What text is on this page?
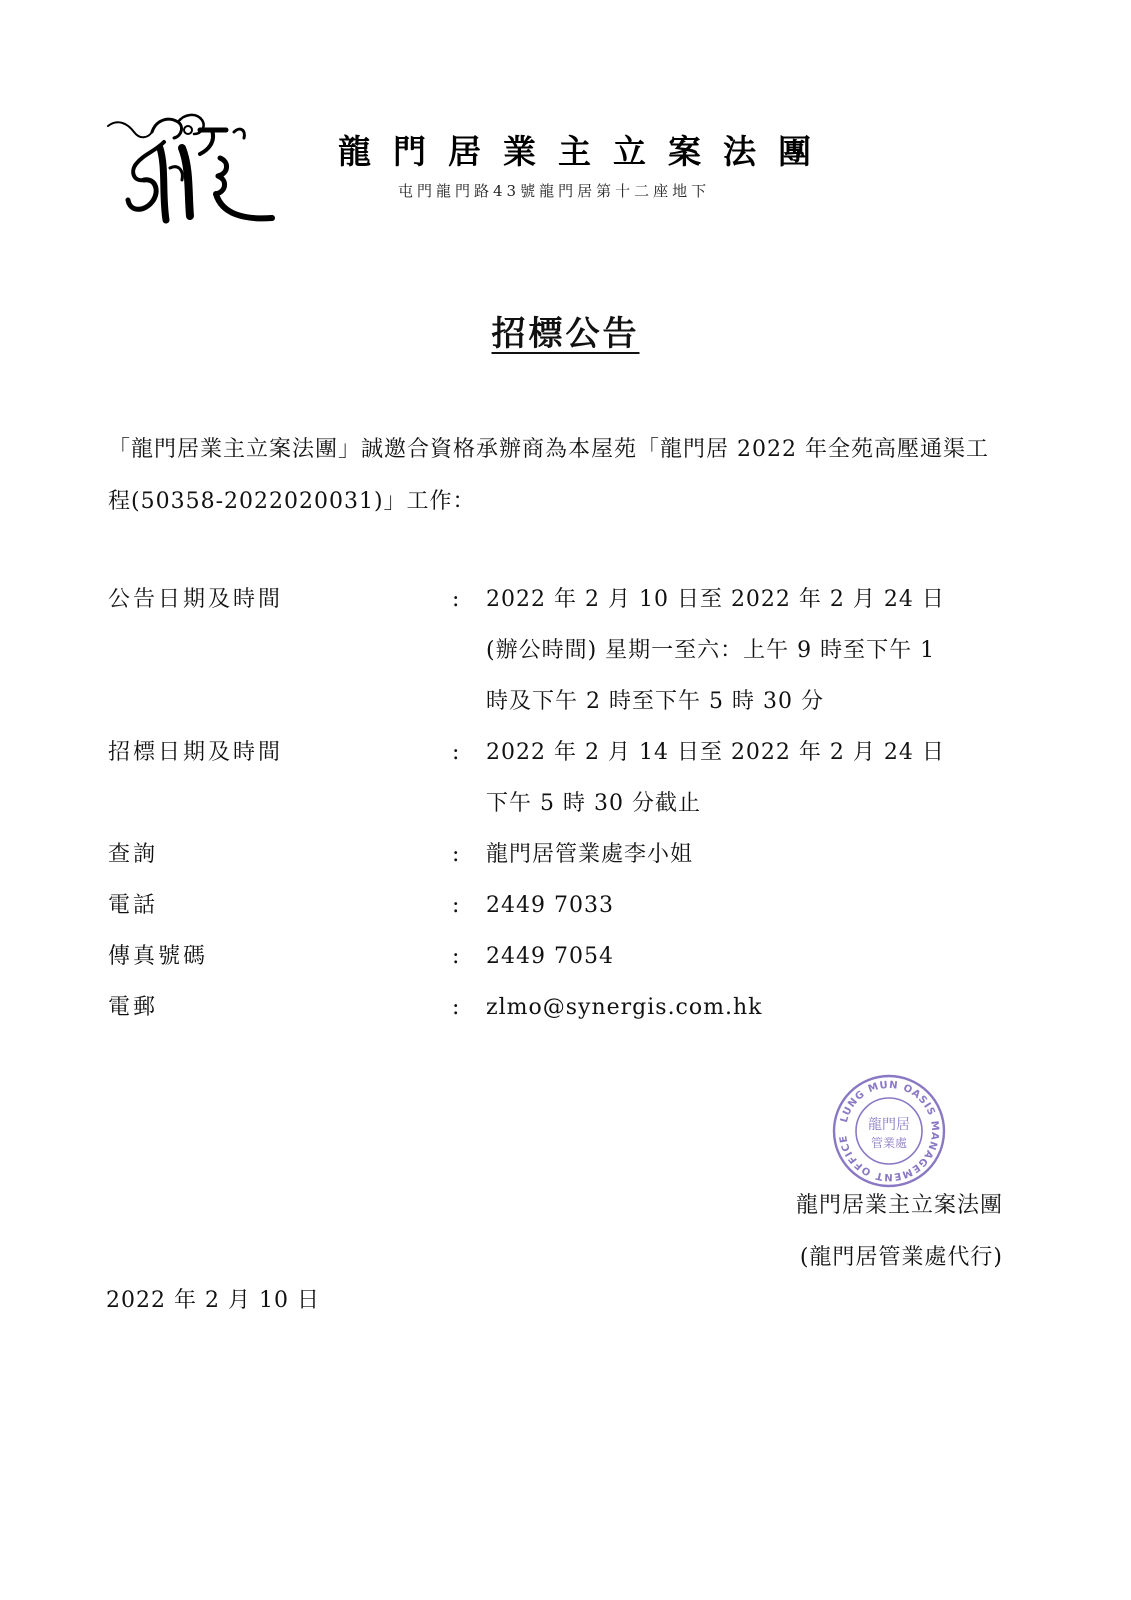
龍門居業主立案法團
屯門龍門路43號龍門居第十二座地下
招標公告
「龍門居業主立案法團」誠邀合資格承辦商為本屋苑「龍門居 2022 年全苑高壓通渠工程(50358-2022020031)」工作：
公告日期及時間	: 2022 年 2 月 10 日至 2022 年 2 月 24 日
(辦公時間) 星期一至六：上午 9 時至下午 1
時及下午 2 時至下午 5 時 30 分
招標日期及時間	: 2022 年 2 月 14 日至 2022 年 2 月 24 日
下午 5 時 30 分截止
查詢	: 龍門居管業處李小姐
電話	: 2449 7033
傳真號碼	: 2449 7054
電郵	: zlmo@synergis.com.hk
LUNG MUN OASIS MANAGEMENT OFFICE
龍門居
管業處
龍門居業主立案法團
(龍門居管業處代行)
2022 年 2 月 10 日
